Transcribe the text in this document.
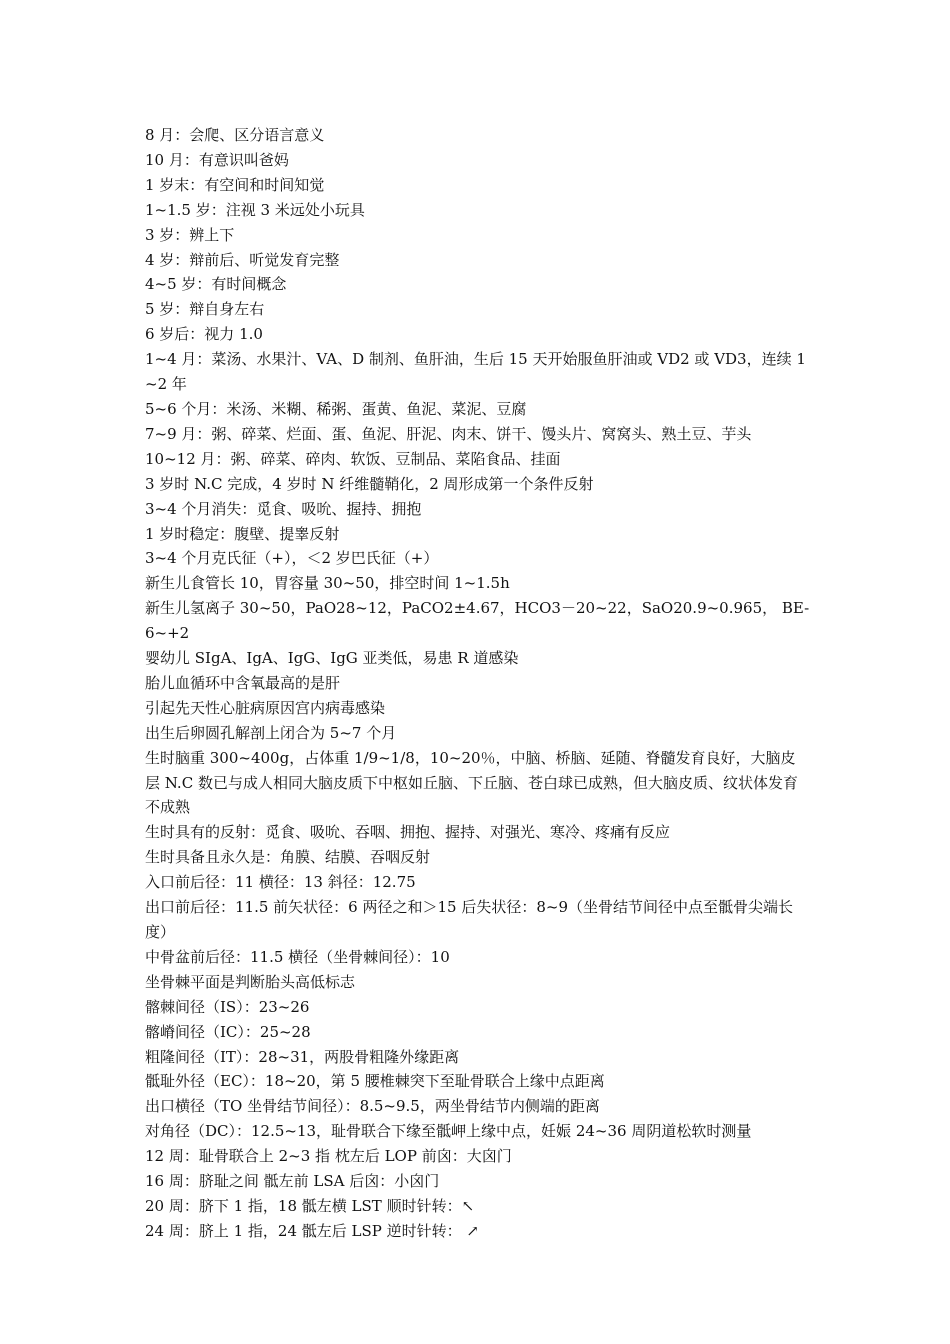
8 月：会爬、区分语言意义
10 月：有意识叫爸妈
1 岁末：有空间和时间知觉
1~1.5 岁：注视 3 米远处小玩具
3 岁：辨上下
4 岁：辩前后、听觉发育完整
4~5 岁：有时间概念
5 岁：辩自身左右
6 岁后：视力 1.0
1~4 月：菜汤、水果汁、VA、D 制剂、鱼肝油，生后 15 天开始服鱼肝油或 VD2 或 VD3，连续 1~2 年
5~6 个月：米汤、米糊、稀粥、蛋黄、鱼泥、菜泥、豆腐
7~9 月：粥、碎菜、烂面、蛋、鱼泥、肝泥、肉末、饼干、馒头片、窝窝头、熟土豆、芋头
10~12 月：粥、碎菜、碎肉、软饭、豆制品、菜陷食品、挂面
3 岁时 N.C 完成，4 岁时 N 纤维髓鞘化，2 周形成第一个条件反射
3~4 个月消失：觅食、吸吮、握持、拥抱
1 岁时稳定：腹壁、提睾反射
3~4 个月克氏征（+），＜2 岁巴氏征（+）
新生儿食管长 10，胃容量 30~50，排空时间 1~1.5h
新生儿氢离子 30~50，PaO28~12，PaCO2±4.67，HCO3－20~22，SaO20.9~0.965， BE-6~+2
婴幼儿 SIgA、IgA、IgG、IgG 亚类低，易患 R 道感染
胎儿血循环中含氧最高的是肝
引起先天性心脏病原因宫内病毒感染
出生后卵圆孔解剖上闭合为 5~7 个月
生时脑重 300~400g，占体重 1/9~1/8，10~20％，中脑、桥脑、延随、脊髓发育良好，大脑皮层 N.C 数已与成人相同大脑皮质下中枢如丘脑、下丘脑、苍白球已成熟，但大脑皮质、纹状体发育不成熟
生时具有的反射：觅食、吸吮、吞咽、拥抱、握持、对强光、寒冷、疼痛有反应
生时具备且永久是：角膜、结膜、吞咽反射
入口前后径：11 横径：13 斜径：12.75
出口前后径：11.5 前矢状径：6 两径之和＞15 后失状径：8~9（坐骨结节间径中点至骶骨尖端长度）
中骨盆前后径：11.5 横径（坐骨棘间径）：10
坐骨棘平面是判断胎头高低标志
髂棘间径（IS）：23~26
髂嵴间径（IC）：25~28
粗隆间径（IT）：28~31，两股骨粗隆外缘距离
骶耻外径（EC）：18~20，第 5 腰椎棘突下至耻骨联合上缘中点距离
出口横径（TO 坐骨结节间径）：8.5~9.5，两坐骨结节内侧端的距离
对角径（DC）：12.5~13，耻骨联合下缘至骶岬上缘中点，妊娠 24~36 周阴道松软时测量
12 周：耻骨联合上 2~3 指 枕左后 LOP 前囟：大囟门
16 周：脐耻之间 骶左前 LSA 后囟：小囟门
20 周：脐下 1 指，18 骶左横 LST 顺时针转：↖
24 周：脐上 1 指，24 骶左后 LSP 逆时针转： ↗
